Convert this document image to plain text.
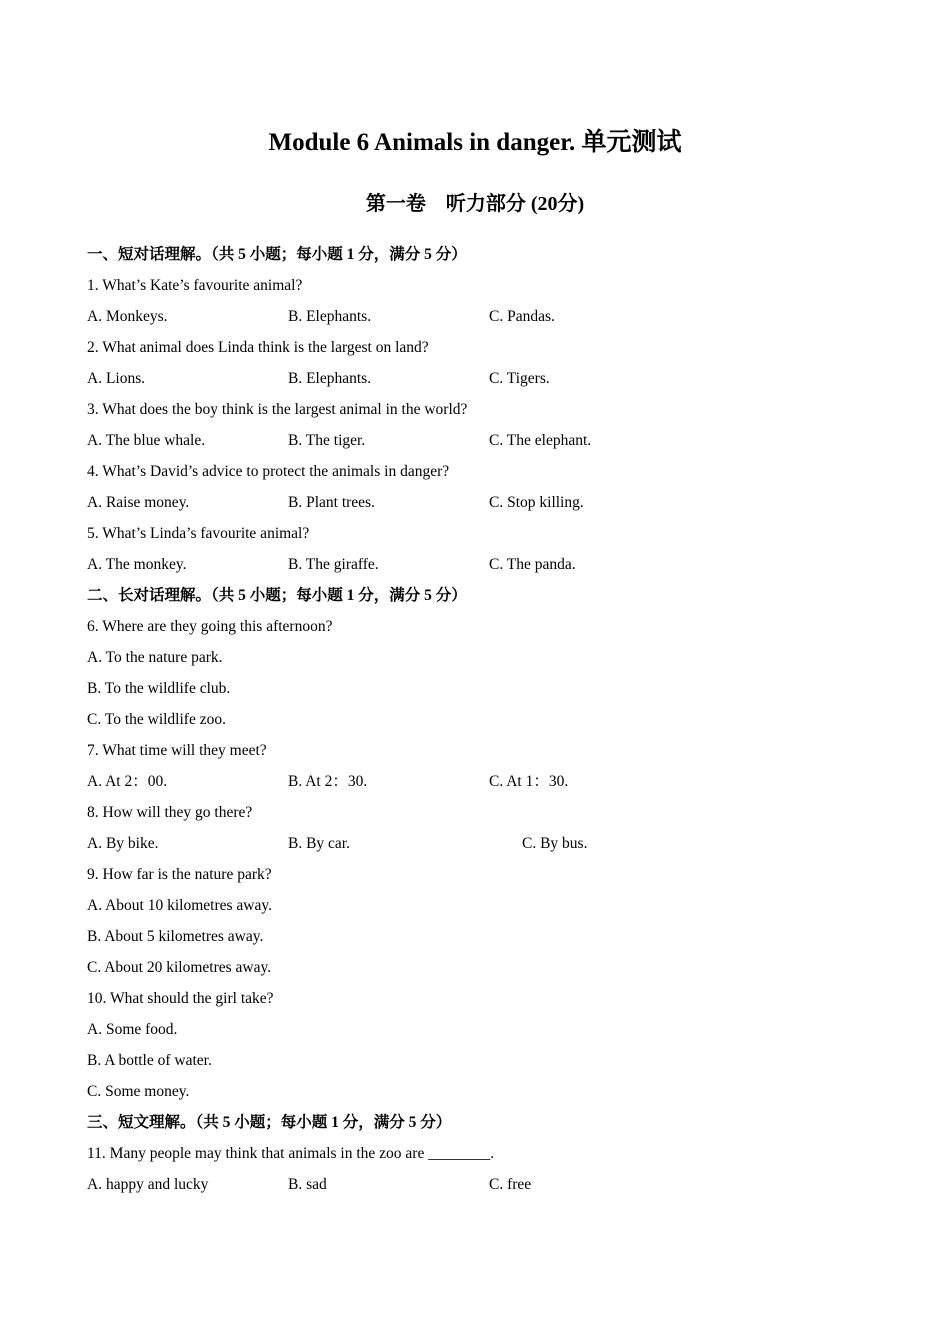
Module 6 Animals in danger. 单元测试
第一卷　听力部分 (20分)
一、短对话理解。（共 5 小题；每小题 1 分，满分 5 分）
1. What’s Kate’s favourite animal?
A. Monkeys.	B. Elephants.	C. Pandas.
2. What animal does Linda think is the largest on land?
A. Lions.	B. Elephants.	C. Tigers.
3. What does the boy think is the largest animal in the world?
A. The blue whale.	B. The tiger.	C. The elephant.
4. What’s David’s advice to protect the animals in danger?
A. Raise money.	B. Plant trees.	C. Stop killing.
5. What’s Linda’s favourite animal?
A. The monkey.	B. The giraffe.	C. The panda.
二、长对话理解。（共 5 小题；每小题 1 分，满分 5 分）
6. Where are they going this afternoon?
A. To the nature park.
B. To the wildlife club.
C. To the wildlife zoo.
7. What time will they meet?
A. At 2：00.	B. At 2：30.	C. At 1：30.
8. How will they go there?
A. By bike.	B. By car.	C. By bus.
9. How far is the nature park?
A. About 10 kilometres away.
B. About 5 kilometres away.
C. About 20 kilometres away.
10. What should the girl take?
A. Some food.
B. A bottle of water.
C. Some money.
三、短文理解。（共 5 小题；每小题 1 分，满分 5 分）
11. Many people may think that animals in the zoo are ________.
A. happy and lucky	B. sad	C. free
